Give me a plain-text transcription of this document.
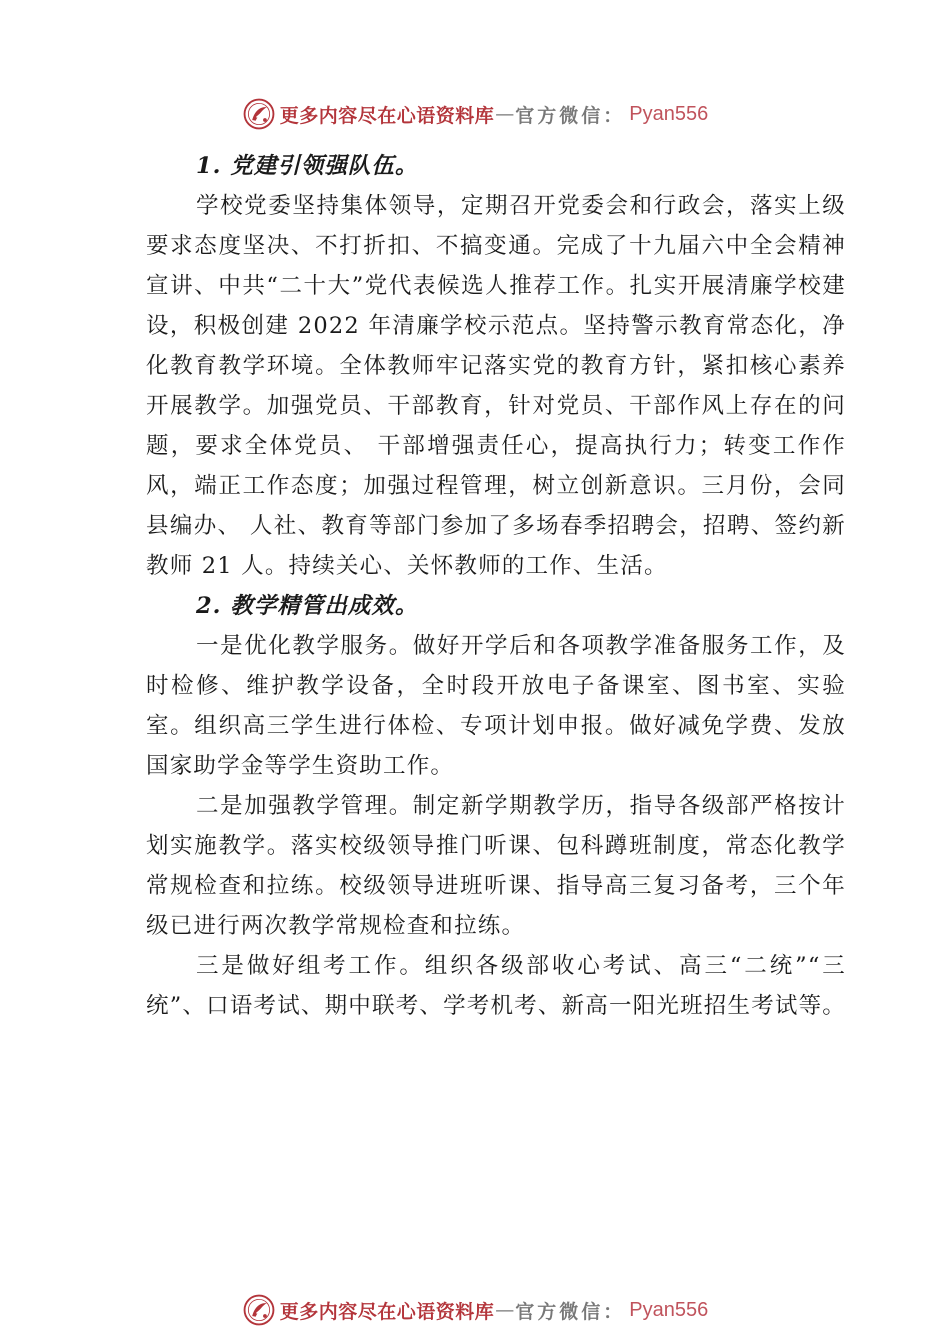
更多内容尽在心语资料库 — 官方微信： Pyan556
1. 党建引领强队伍。
学校党委坚持集体领导，定期召开党委会和行政会，落实上级要求态度坚决、不打折扣、不搞变通。完成了十九届六中全会精神宣讲、中共“二十大”党代表候选人推荐工作。扎实开展清廉学校建设，积极创建 2022 年清廉学校示范点。坚持警示教育常态化，净化教育教学环境。全体教师牢记落实党的教育方针，紧扣核心素养开展教学。加强党员、干部教育，针对党员、干部作风上存在的问题，要求全体党员、 干部增强责任心，提高执行力；转变工作作风，端正工作态度；加强过程管理，树立创新意识。三月份，会同县编办、 人社、教育等部门参加了多场春季招聘会，招聘、签约新教师 21 人。持续关心、关怀教师的工作、生活。
2. 教学精管出成效。
一是优化教学服务。做好开学后和各项教学准备服务工作，及时检修、维护教学设备，全时段开放电子备课室、图书室、实验室。组织高三学生进行体检、专项计划申报。做好减免学费、发放国家助学金等学生资助工作。
二是加强教学管理。制定新学期教学历，指导各级部严格按计划实施教学。落实校级领导推门听课、包科蹲班制度，常态化教学常规检查和拉练。校级领导进班听课、指导高三复习备考，三个年级已进行两次教学常规检查和拉练。
三是做好组考工作。组织各级部收心考试、高三“二统”“三统”、口语考试、期中联考、学考机考、新高一阳光班招生考试等。
更多内容尽在心语资料库 — 官方微信： Pyan556
